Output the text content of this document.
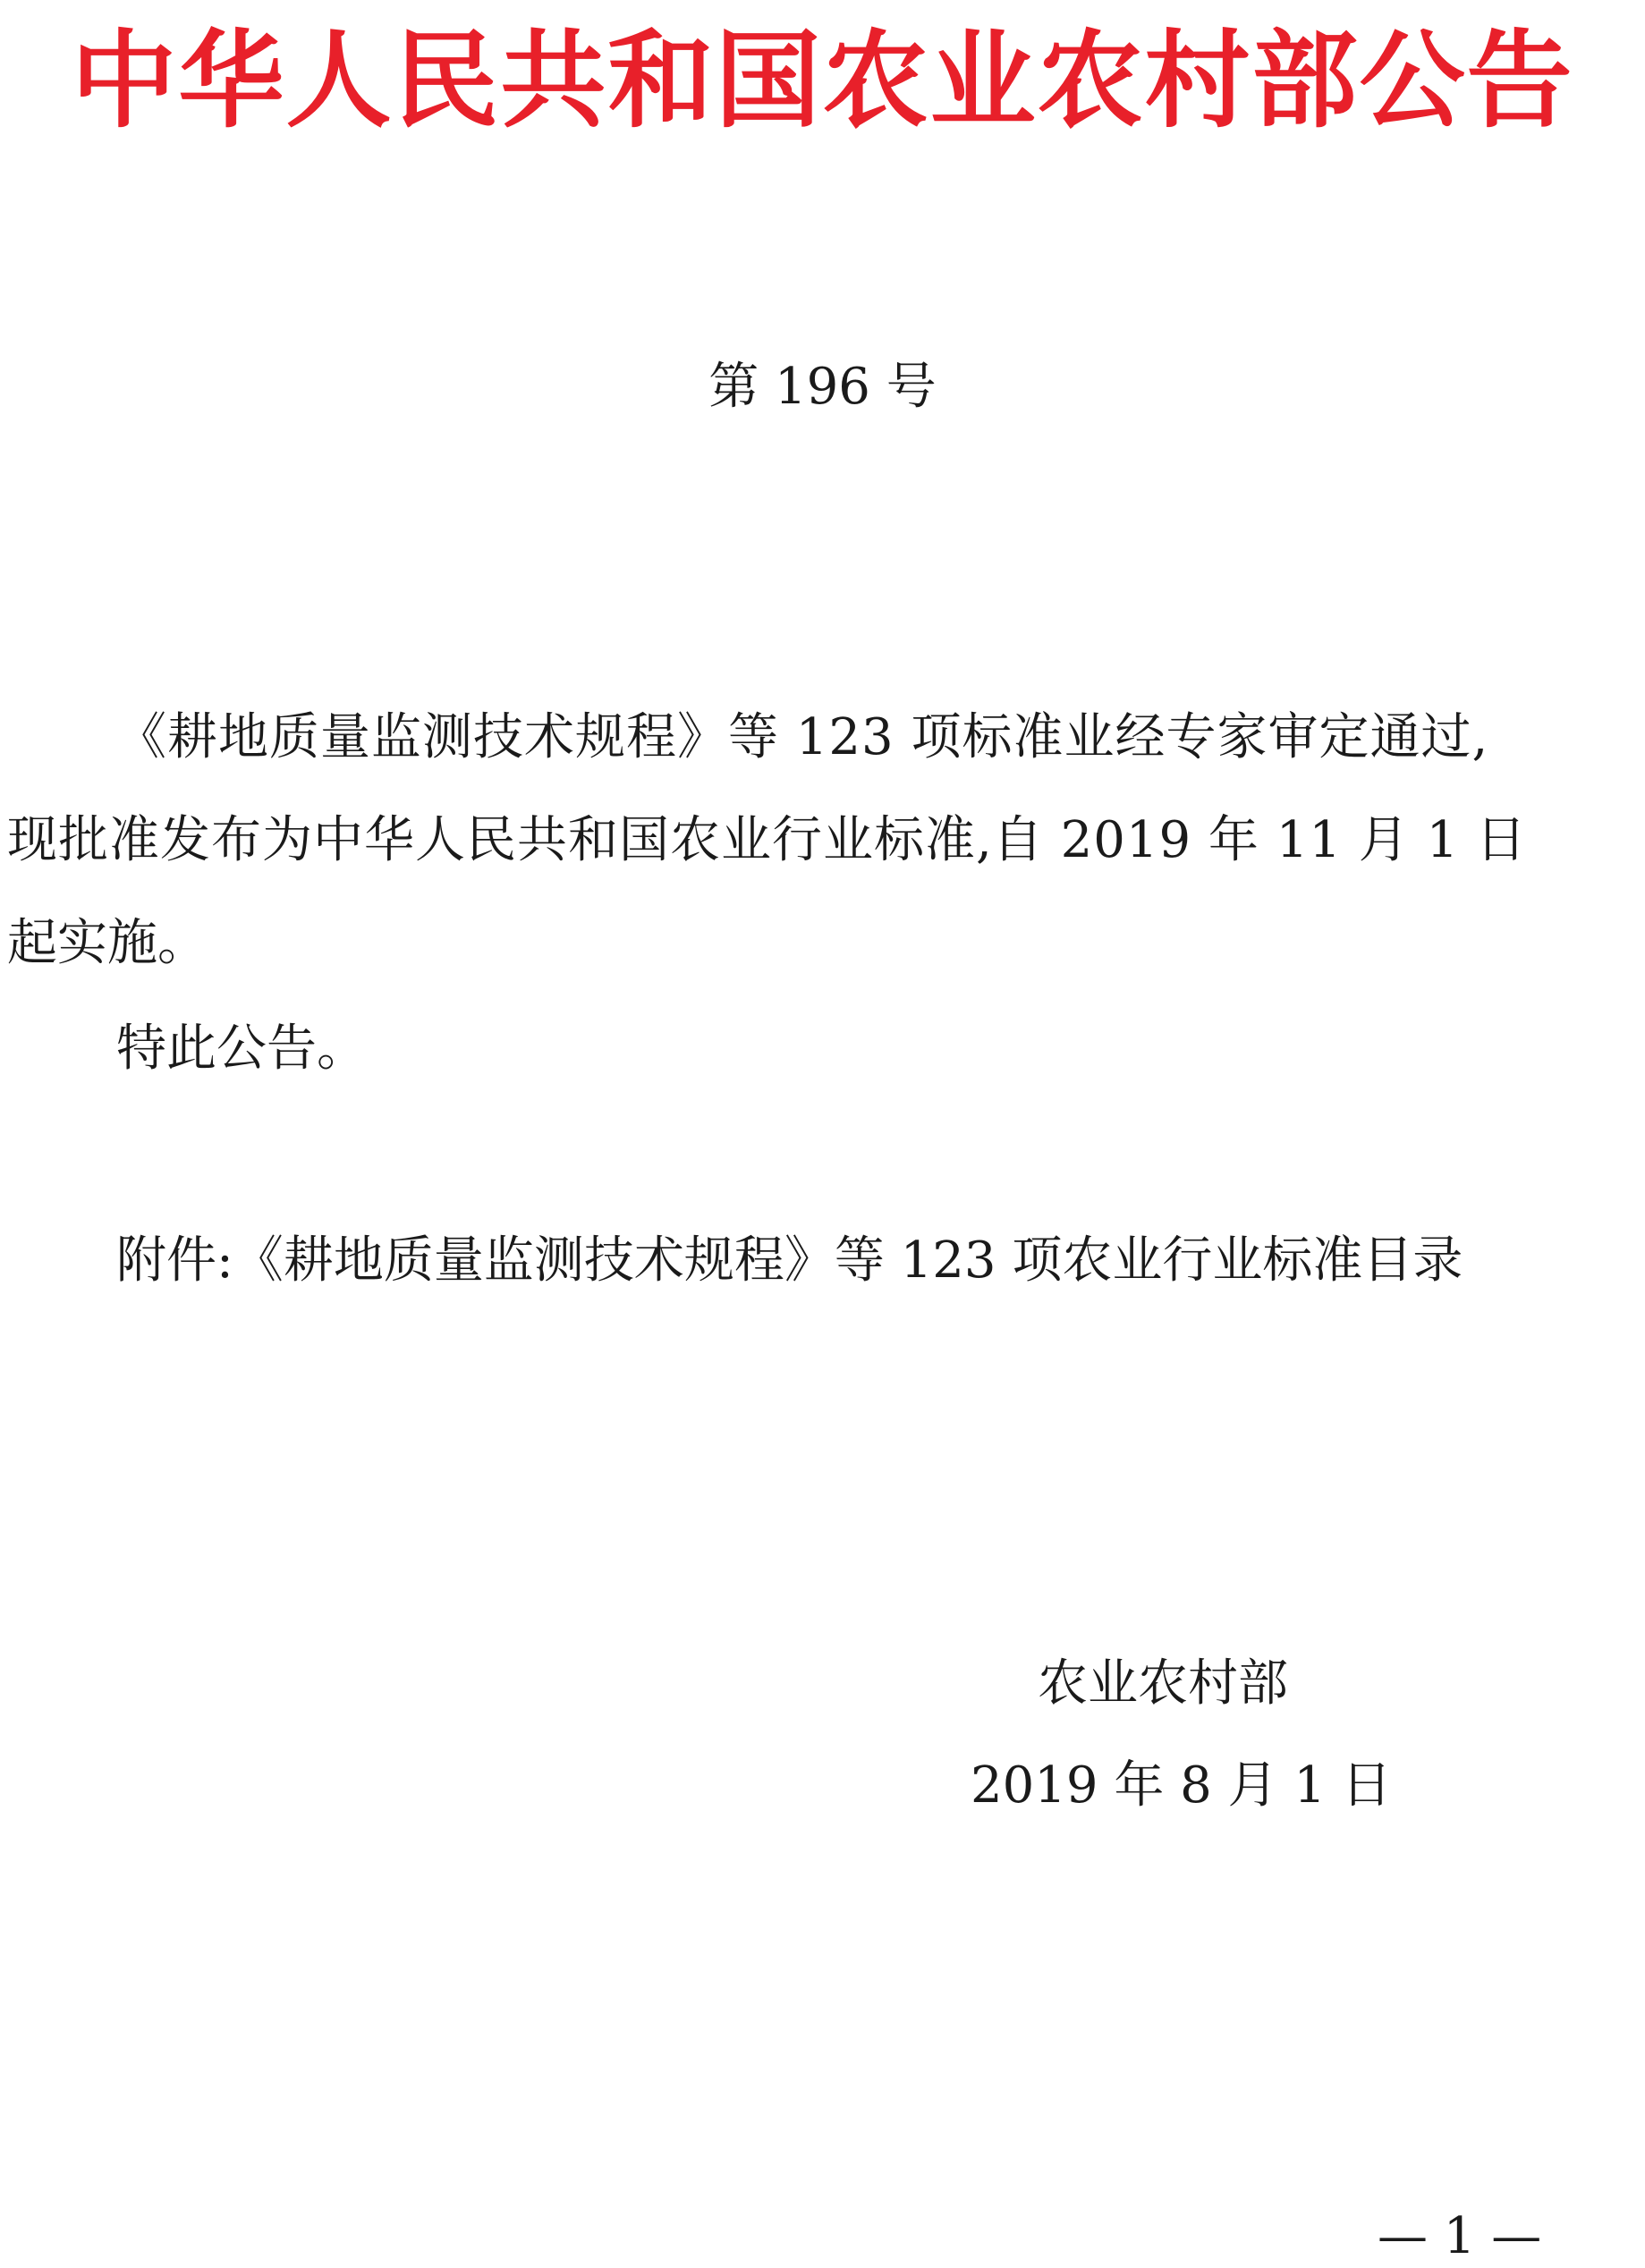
中华人民共和国农业农村部公告
第 196 号
《耕地质量监测技术规程》等 123 项标准业经专家审定通过,
现批准发布为中华人民共和国农业行业标准,自 2019 年 11 月 1 日
起实施。
特此公告。
附件:《耕地质量监测技术规程》等 123 项农业行业标准目录
农业农村部
2019 年 8 月 1 日
— 1 —
